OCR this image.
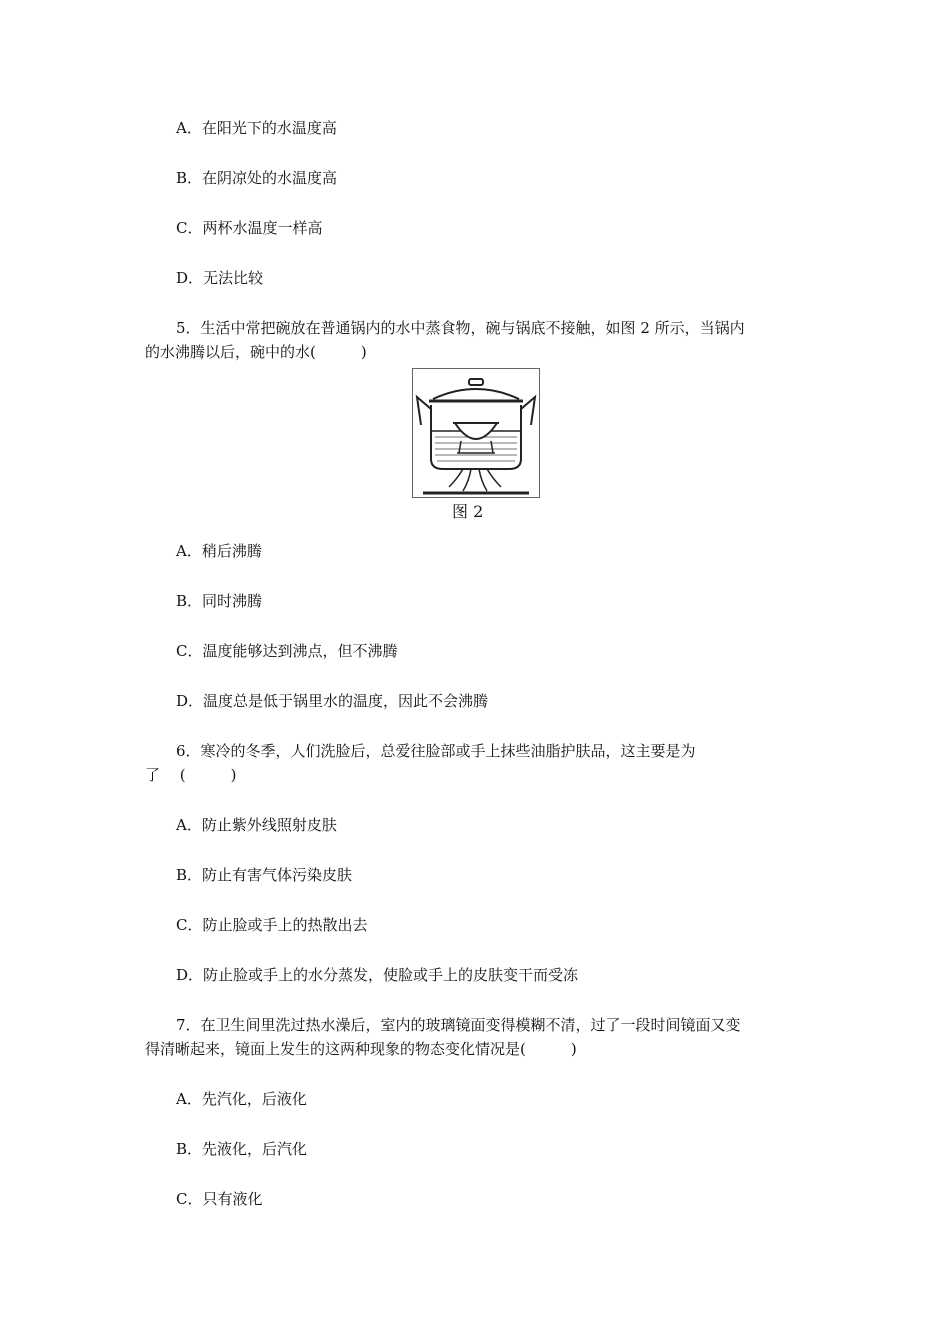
A．在阳光下的水温度高
B．在阴凉处的水温度高
C．两杯水温度一样高
D．无法比较
5．生活中常把碗放在普通锅内的水中蒸食物，碗与锅底不接触，如图 2 所示，当锅内
的水沸腾以后，碗中的水(　　　)
图 2
A．稍后沸腾
B．同时沸腾
C．温度能够达到沸点，但不沸腾
D．温度总是低于锅里水的温度，因此不会沸腾
6．寒冷的冬季，人们洗脸后，总爱往脸部或手上抹些油脂护肤品，这主要是为
了　 (　　　)
A．防止紫外线照射皮肤
B．防止有害气体污染皮肤
C．防止脸或手上的热散出去
D．防止脸或手上的水分蒸发，使脸或手上的皮肤变干而受冻
7．在卫生间里洗过热水澡后，室内的玻璃镜面变得模糊不清，过了一段时间镜面又变
得清晰起来，镜面上发生的这两种现象的物态变化情况是(　　　)
A．先汽化，后液化
B．先液化，后汽化
C．只有液化
